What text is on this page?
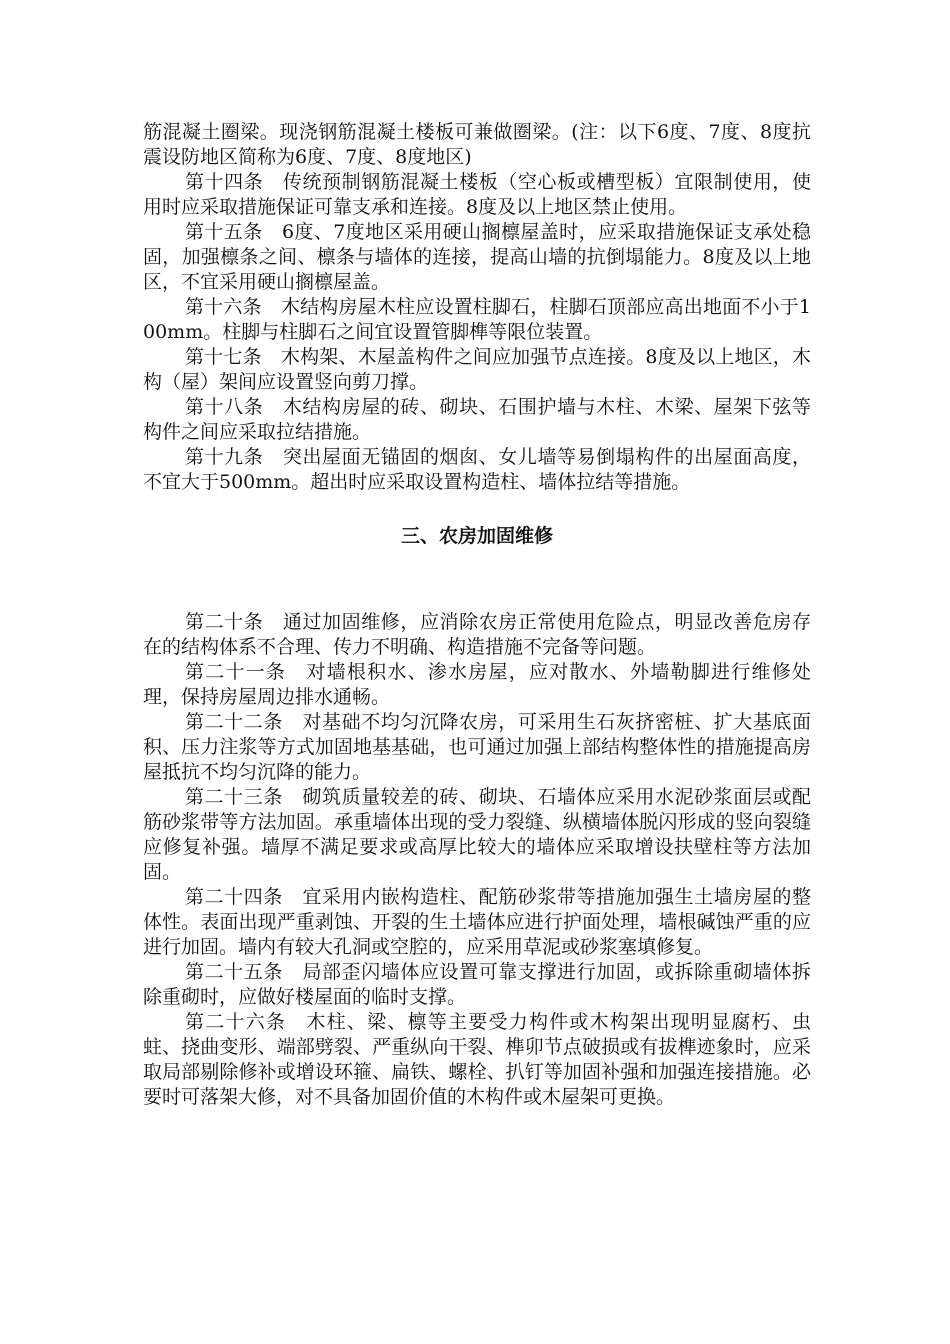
筋混凝土圈梁。现浇钢筋混凝土楼板可兼做圈梁。(注：以下6度、7度、8度抗震设防地区简称为6度、7度、8度地区)

第十四条　传统预制钢筋混凝土楼板（空心板或槽型板）宜限制使用，使用时应采取措施保证可靠支承和连接。8度及以上地区禁止使用。

第十五条　6度、7度地区采用硬山搁檩屋盖时，应采取措施保证支承处稳固，加强檩条之间、檩条与墙体的连接，提高山墙的抗倒塌能力。8度及以上地区，不宜采用硬山搁檩屋盖。

第十六条　木结构房屋木柱应设置柱脚石，柱脚石顶部应高出地面不小于100mm。柱脚与柱脚石之间宜设置管脚榫等限位装置。

第十七条　木构架、木屋盖构件之间应加强节点连接。8度及以上地区，木构（屋）架间应设置竖向剪刀撑。

第十八条　木结构房屋的砖、砌块、石围护墙与木柱、木梁、屋架下弦等构件之间应采取拉结措施。

第十九条　突出屋面无锚固的烟囱、女儿墙等易倒塌构件的出屋面高度，不宜大于500mm。超出时应采取设置构造柱、墙体拉结等措施。

三、农房加固维修

第二十条　通过加固维修，应消除农房正常使用危险点，明显改善危房存在的结构体系不合理、传力不明确、构造措施不完备等问题。

第二十一条　对墙根积水、渗水房屋，应对散水、外墙勒脚进行维修处理，保持房屋周边排水通畅。

第二十二条　对基础不均匀沉降农房，可采用生石灰挤密桩、扩大基底面积、压力注浆等方式加固地基基础，也可通过加强上部结构整体性的措施提高房屋抵抗不均匀沉降的能力。

第二十三条　砌筑质量较差的砖、砌块、石墙体应采用水泥砂浆面层或配筋砂浆带等方法加固。承重墙体出现的受力裂缝、纵横墙体脱闪形成的竖向裂缝应修复补强。墙厚不满足要求或高厚比较大的墙体应采取增设扶壁柱等方法加固。

第二十四条　宜采用内嵌构造柱、配筋砂浆带等措施加强生土墙房屋的整体性。表面出现严重剥蚀、开裂的生土墙体应进行护面处理，墙根碱蚀严重的应进行加固。墙内有较大孔洞或空腔的，应采用草泥或砂浆塞填修复。

第二十五条　局部歪闪墙体应设置可靠支撑进行加固，或拆除重砌墙体拆除重砌时，应做好楼屋面的临时支撑。

第二十六条　木柱、梁、檩等主要受力构件或木构架出现明显腐朽、虫蛀、挠曲变形、端部劈裂、严重纵向干裂、榫卯节点破损或有拔榫迹象时，应采取局部剔除修补或增设环箍、扁铁、螺栓、扒钉等加固补强和加强连接措施。必要时可落架大修，对不具备加固价值的木构件或木屋架可更换。
